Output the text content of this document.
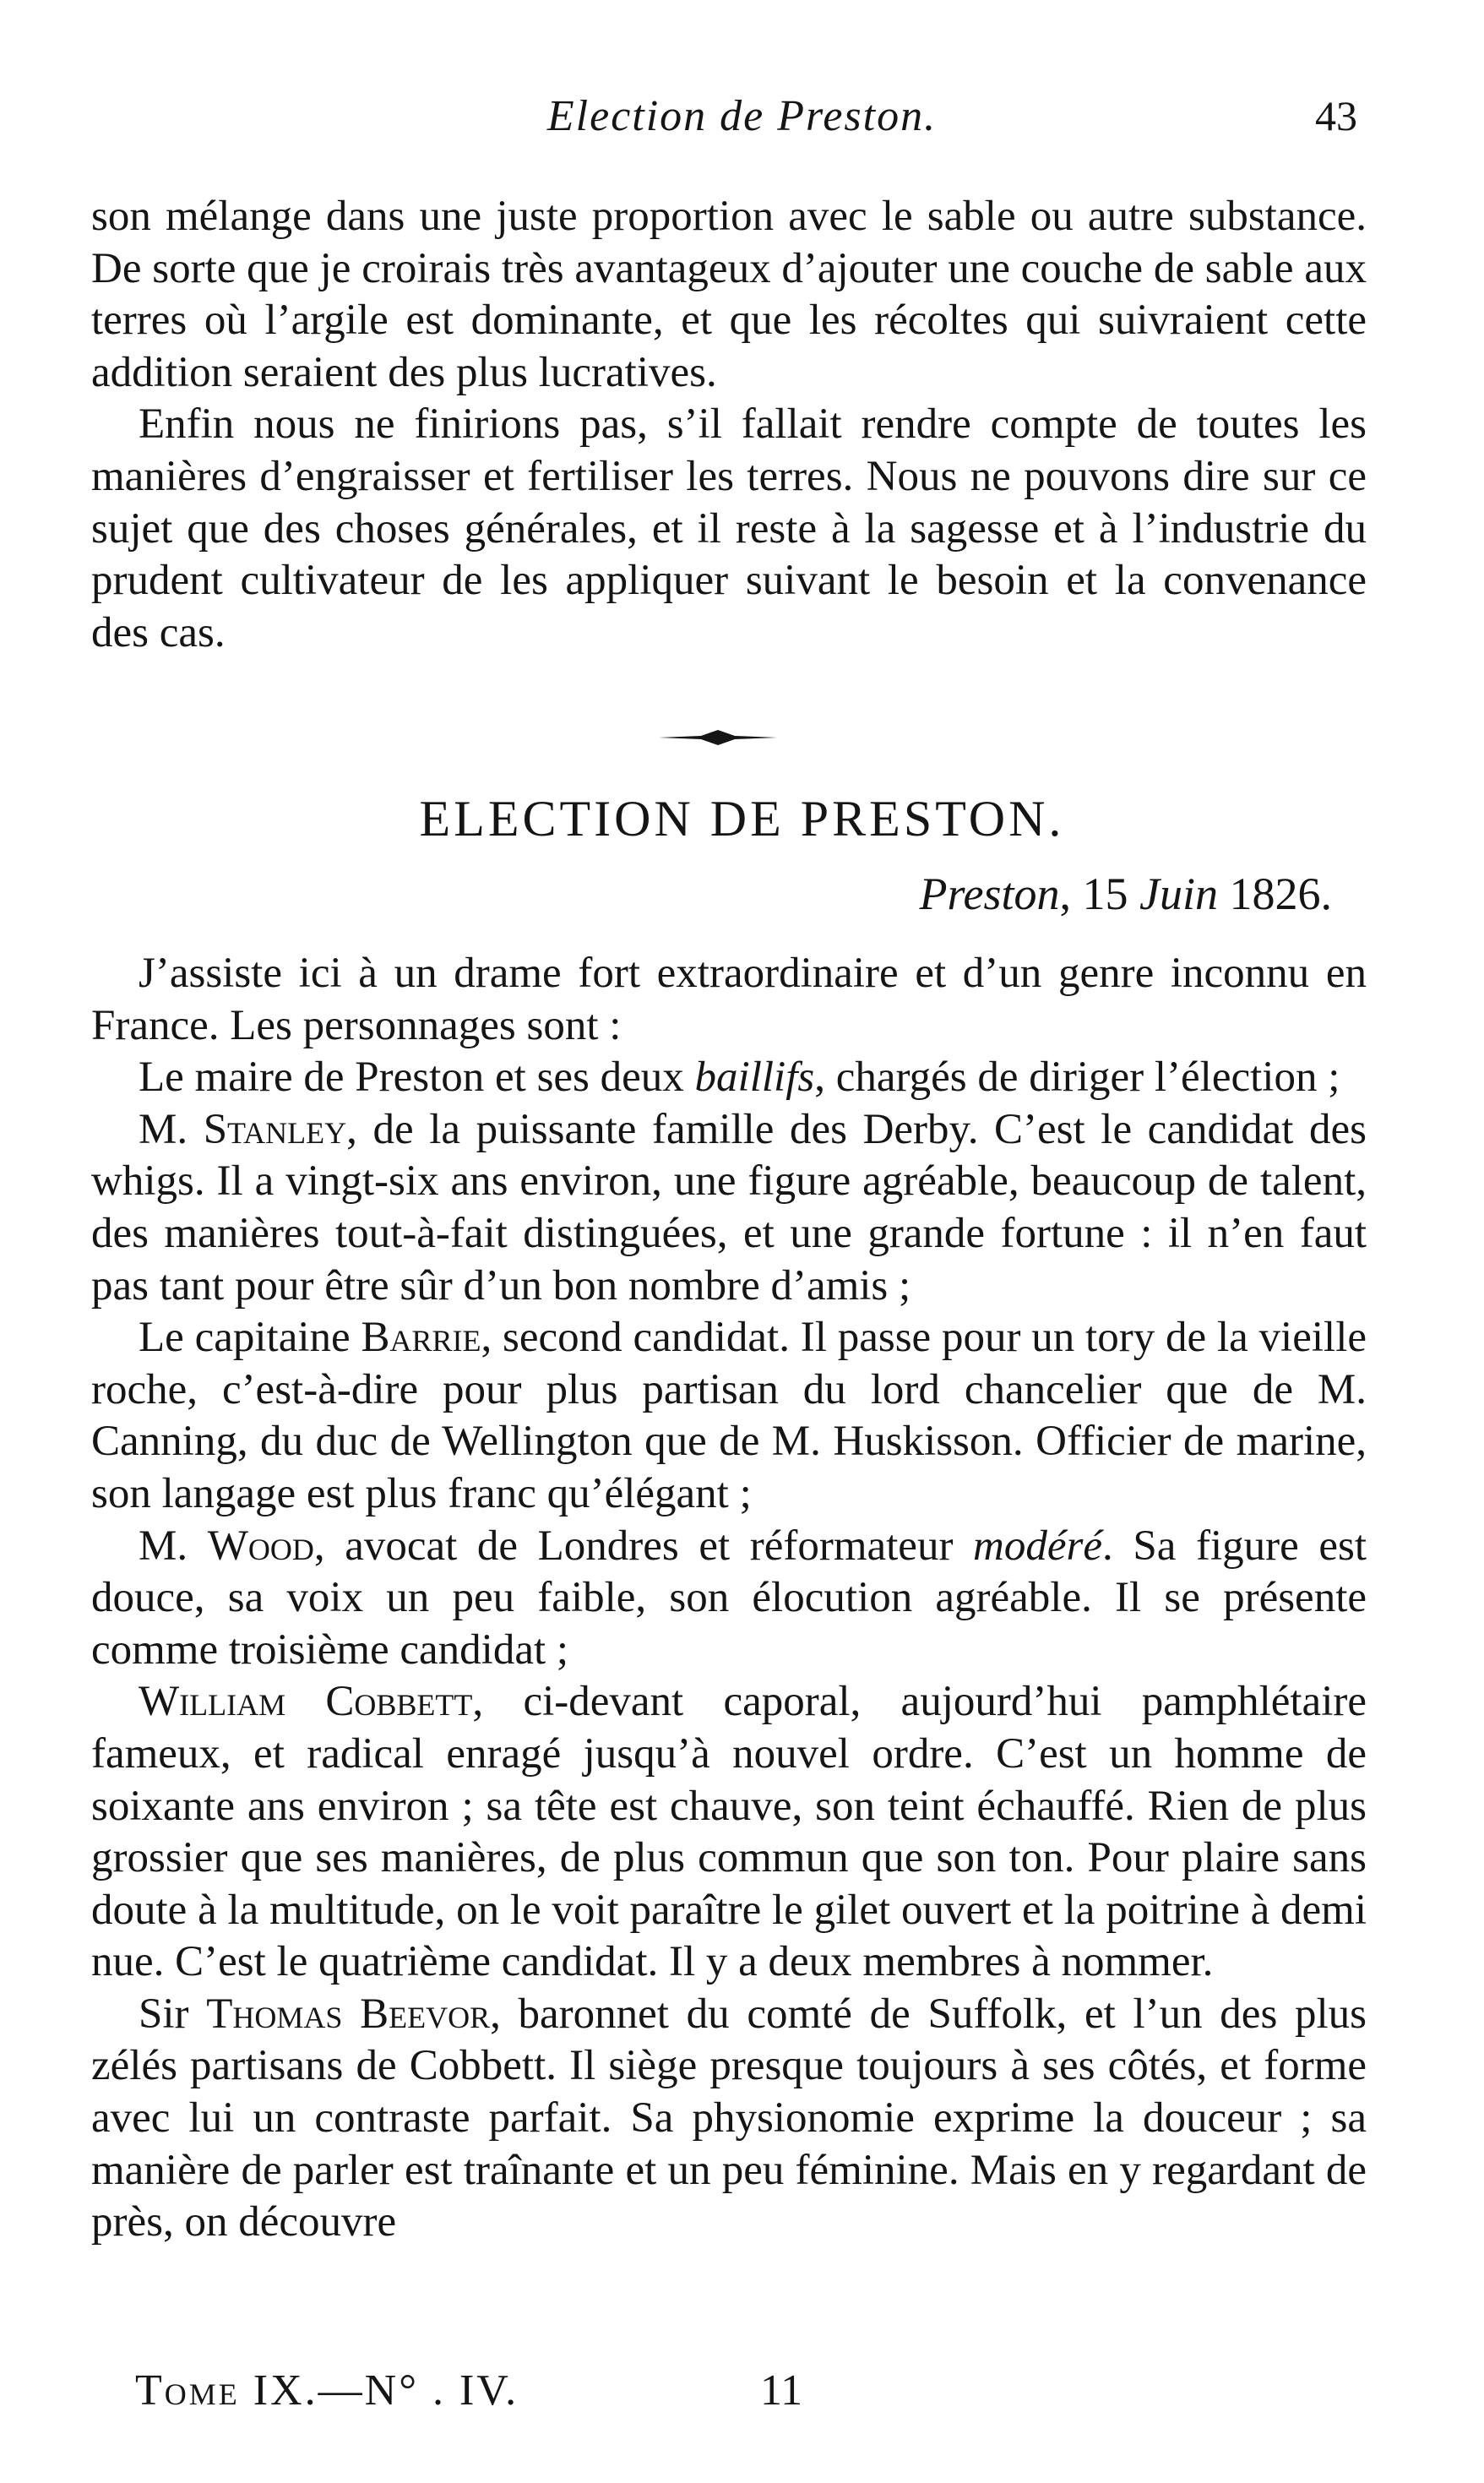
Election de Preston.	43

son mélange dans une juste proportion avec le sable ou autre substance. De sorte que je croirais très avantageux d’ajouter une couche de sable aux terres où l’argile est dominante, et que les récoltes qui suivraient cette addition seraient des plus lucratives.

Enfin nous ne finirions pas, s’il fallait rendre compte de toutes les manières d’engraisser et fertiliser les terres. Nous ne pouvons dire sur ce sujet que des choses générales, et il reste à la sagesse et à l’industrie du prudent cultivateur de les appliquer suivant le besoin et la convenance des cas.

ELECTION DE PRESTON.
Preston, 15 Juin 1826.

J’assiste ici à un drame fort extraordinaire et d’un genre inconnu en France. Les personnages sont :

Le maire de Preston et ses deux baillifs, chargés de diriger l’élection ;

M. Stanley, de la puissante famille des Derby. C’est le candidat des whigs. Il a vingt-six ans environ, une figure agréable, beaucoup de talent, des manières tout-à-fait distinguées, et une grande fortune : il n’en faut pas tant pour être sûr d’un bon nombre d’amis ;

Le capitaine Barrie, second candidat. Il passe pour un tory de la vieille roche, c’est-à-dire pour plus partisan du lord chancelier que de M. Canning, du duc de Wellington que de M. Huskisson. Officier de marine, son langage est plus franc qu’élégant ;

M. Wood, avocat de Londres et réformateur modéré. Sa figure est douce, sa voix un peu faible, son élocution agréable. Il se présente comme troisième candidat ;

William Cobbett, ci-devant caporal, aujourd’hui pamphlétaire fameux, et radical enragé jusqu’à nouvel ordre. C’est un homme de soixante ans environ ; sa tête est chauve, son teint échauffé. Rien de plus grossier que ses manières, de plus commun que son ton. Pour plaire sans doute à la multitude, on le voit paraître le gilet ouvert et la poitrine à demi nue. C’est le quatrième candidat. Il y a deux membres à nommer.

Sir Thomas Beevor, baronnet du comté de Suffolk, et l’un des plus zélés partisans de Cobbett. Il siège presque toujours à ses côtés, et forme avec lui un contraste parfait. Sa physionomie exprime la douceur ; sa manière de parler est traînante et un peu féminine. Mais en y regardant de près, on découvre

Tome IX.—N° . IV.	11
